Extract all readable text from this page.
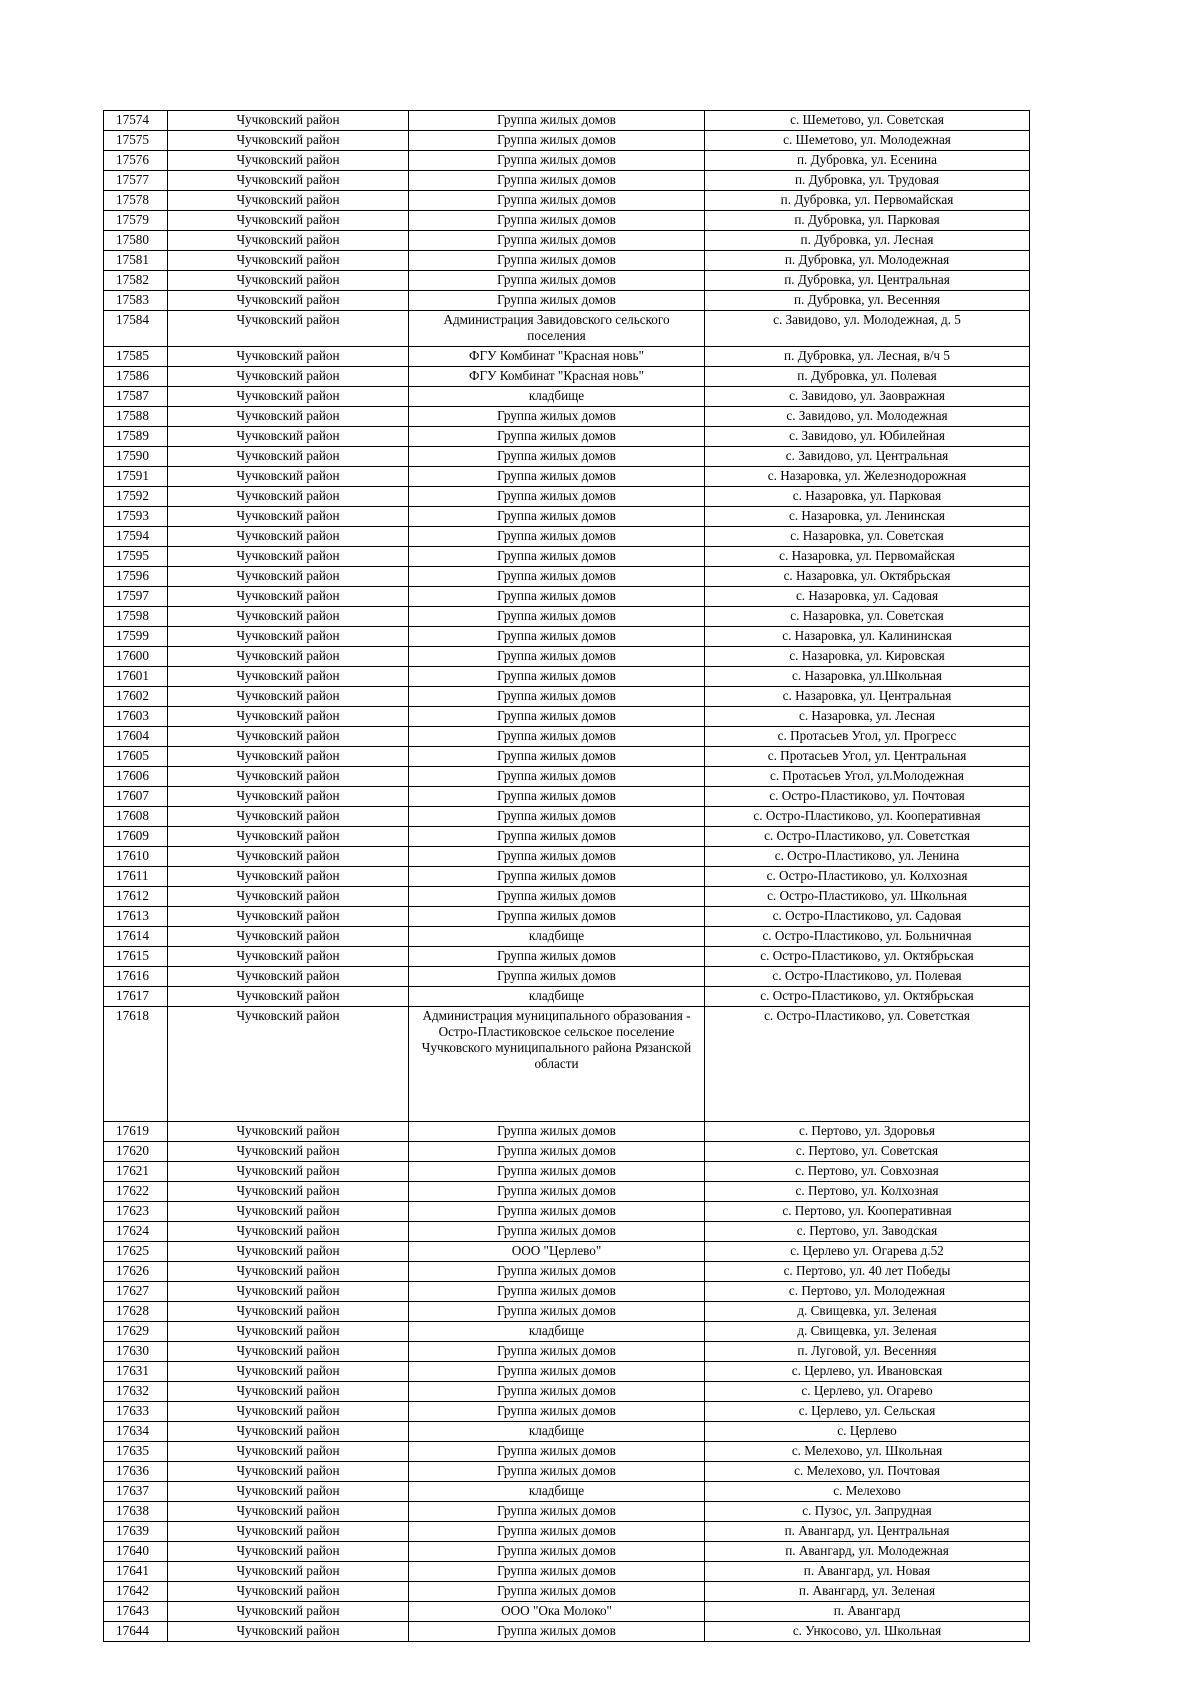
17574	Чучковский район	Группа жилых домов	с. Шеметово, ул. Советская
17575	Чучковский район	Группа жилых домов	с. Шеметово, ул. Молодежная
17576	Чучковский район	Группа жилых домов	п. Дубровка, ул. Есенина
17577	Чучковский район	Группа жилых домов	п. Дубровка, ул. Трудовая
17578	Чучковский район	Группа жилых домов	п. Дубровка, ул. Первомайская
17579	Чучковский район	Группа жилых домов	п. Дубровка, ул. Парковая
17580	Чучковский район	Группа жилых домов	п. Дубровка, ул. Лесная
17581	Чучковский район	Группа жилых домов	п. Дубровка, ул. Молодежная
17582	Чучковский район	Группа жилых домов	п. Дубровка, ул. Центральная
17583	Чучковский район	Группа жилых домов	п. Дубровка, ул. Весенняя
17584	Чучковский район	Администрация Завидовского сельского поселения	с. Завидово, ул. Молодежная, д. 5
17585	Чучковский район	ФГУ Комбинат "Красная новь"	п. Дубровка, ул. Лесная, в/ч 5
17586	Чучковский район	ФГУ Комбинат "Красная новь"	п. Дубровка, ул. Полевая
17587	Чучковский район	кладбище	с. Завидово, ул. Заовражная
17588	Чучковский район	Группа жилых домов	с. Завидово, ул. Молодежная
17589	Чучковский район	Группа жилых домов	с. Завидово, ул. Юбилейная
17590	Чучковский район	Группа жилых домов	с. Завидово, ул. Центральная
17591	Чучковский район	Группа жилых домов	с. Назаровка, ул. Железнодорожная
17592	Чучковский район	Группа жилых домов	с. Назаровка, ул. Парковая
17593	Чучковский район	Группа жилых домов	с. Назаровка, ул. Ленинская
17594	Чучковский район	Группа жилых домов	с. Назаровка, ул. Советская
17595	Чучковский район	Группа жилых домов	с. Назаровка, ул. Первомайская
17596	Чучковский район	Группа жилых домов	с. Назаровка, ул. Октябрьская
17597	Чучковский район	Группа жилых домов	с. Назаровка, ул. Садовая
17598	Чучковский район	Группа жилых домов	с. Назаровка, ул. Советская
17599	Чучковский район	Группа жилых домов	с. Назаровка, ул. Калининская
17600	Чучковский район	Группа жилых домов	с. Назаровка, ул. Кировская
17601	Чучковский район	Группа жилых домов	с. Назаровка, ул.Школьная
17602	Чучковский район	Группа жилых домов	с. Назаровка, ул. Центральная
17603	Чучковский район	Группа жилых домов	с. Назаровка, ул. Лесная
17604	Чучковский район	Группа жилых домов	с. Протасьев Угол, ул. Прогресс
17605	Чучковский район	Группа жилых домов	с. Протасьев Угол, ул. Центральная
17606	Чучковский район	Группа жилых домов	с. Протасьев Угол, ул.Молодежная
17607	Чучковский район	Группа жилых домов	с. Остро-Пластиково, ул. Почтовая
17608	Чучковский район	Группа жилых домов	с. Остро-Пластиково, ул. Кооперативная
17609	Чучковский район	Группа жилых домов	с. Остро-Пластиково, ул. Советсткая
17610	Чучковский район	Группа жилых домов	с. Остро-Пластиково, ул. Ленина
17611	Чучковский район	Группа жилых домов	с. Остро-Пластиково, ул. Колхозная
17612	Чучковский район	Группа жилых домов	с. Остро-Пластиково, ул. Школьная
17613	Чучковский район	Группа жилых домов	с. Остро-Пластиково, ул. Садовая
17614	Чучковский район	кладбище	с. Остро-Пластиково, ул. Больничная
17615	Чучковский район	Группа жилых домов	с. Остро-Пластиково, ул. Октябрьская
17616	Чучковский район	Группа жилых домов	с. Остро-Пластиково, ул. Полевая
17617	Чучковский район	кладбище	с. Остро-Пластиково, ул. Октябрьская
17618	Чучковский район	Администрация муниципального образования - Остро-Пластиковское сельское поселение Чучковского муниципального района Рязанской области	с. Остро-Пластиково, ул. Советсткая
17619	Чучковский район	Группа жилых домов	с. Пертово, ул. Здоровья
17620	Чучковский район	Группа жилых домов	с. Пертово, ул. Советская
17621	Чучковский район	Группа жилых домов	с. Пертово, ул. Совхозная
17622	Чучковский район	Группа жилых домов	с. Пертово, ул. Колхозная
17623	Чучковский район	Группа жилых домов	с. Пертово, ул. Кооперативная
17624	Чучковский район	Группа жилых домов	с. Пертово, ул. Заводская
17625	Чучковский район	ООО "Церлево"	с. Церлево ул. Огарева д.52
17626	Чучковский район	Группа жилых домов	с. Пертово, ул. 40 лет Победы
17627	Чучковский район	Группа жилых домов	с. Пертово, ул. Молодежная
17628	Чучковский район	Группа жилых домов	д. Свищевка, ул. Зеленая
17629	Чучковский район	кладбище	д. Свищевка, ул. Зеленая
17630	Чучковский район	Группа жилых домов	п. Луговой, ул. Весенняя
17631	Чучковский район	Группа жилых домов	с. Церлево, ул. Ивановская
17632	Чучковский район	Группа жилых домов	с. Церлево, ул. Огарево
17633	Чучковский район	Группа жилых домов	с. Церлево, ул. Сельская
17634	Чучковский район	кладбище	с. Церлево
17635	Чучковский район	Группа жилых домов	с. Мелехово, ул. Школьная
17636	Чучковский район	Группа жилых домов	с. Мелехово, ул. Почтовая
17637	Чучковский район	кладбище	с. Мелехово
17638	Чучковский район	Группа жилых домов	с. Пузос, ул. Запрудная
17639	Чучковский район	Группа жилых домов	п. Авангард, ул. Центральная
17640	Чучковский район	Группа жилых домов	п. Авангард, ул. Молодежная
17641	Чучковский район	Группа жилых домов	п. Авангард, ул. Новая
17642	Чучковский район	Группа жилых домов	п. Авангард, ул. Зеленая
17643	Чучковский район	ООО "Ока Молоко"	п. Авангард
17644	Чучковский район	Группа жилых домов	с. Ункосово, ул. Школьная
